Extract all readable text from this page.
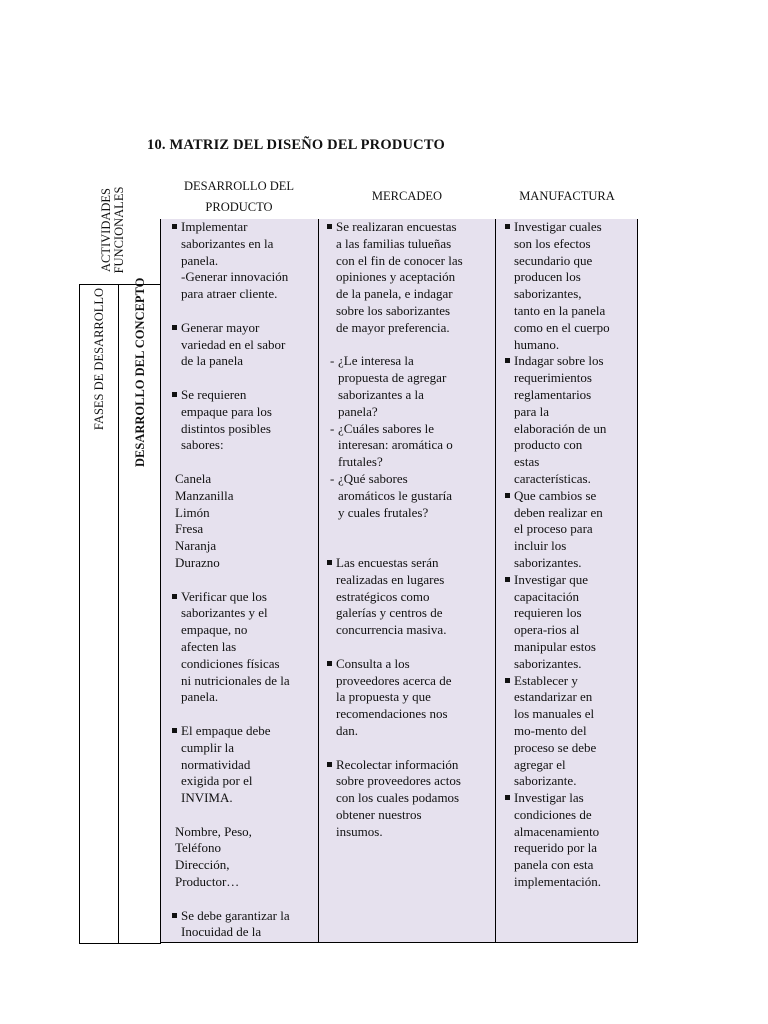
10. MATRIZ DEL DISEÑO DEL PRODUCTO
ACTIVIDADES FUNCIONALES
DESARROLLO DEL
PRODUCTO
MERCADEO	MANUFACTURA
FASES DE DESARROLLO DESARROLLO DEL CONCEPTO
Implementar
saborizantes en la
panela.
-Generar innovación
para atraer cliente.
Generar mayor
variedad en el sabor
de la panela
Se requieren
empaque para los
distintos posibles
sabores:
Canela
Manzanilla
Limón
Fresa
Naranja
Durazno
Verificar que los
saborizantes y el
empaque, no
afecten las
condiciones físicas
ni nutricionales de la
panela.
El empaque debe
cumplir la
normatividad
exigida por el
INVIMA.
Nombre, Peso,
Teléfono
Dirección,
Productor…
Se debe garantizar la
Inocuidad de la
Se realizaran encuestas
a las familias tulueñas
con el fin de conocer las
opiniones y aceptación
de la panela, e indagar
sobre los saborizantes
de mayor preferencia.
- ¿Le interesa la
propuesta de agregar
saborizantes a la
panela?
- ¿Cuáles sabores le
interesan: aromática o
frutales?
- ¿Qué sabores
aromáticos le gustaría
y cuales frutales?
Las encuestas serán
realizadas en lugares
estratégicos como
galerías y centros de
concurrencia masiva.
Consulta a los
proveedores acerca de
la propuesta y que
recomendaciones nos
dan.
Recolectar información
sobre proveedores actos
con los cuales podamos
obtener nuestros
insumos.
Investigar cuales
son los efectos
secundario que
producen los
saborizantes,
tanto en la panela
como en el cuerpo
humano.
Indagar sobre los
requerimientos
reglamentarios
para la
elaboración de un
producto con
estas
características.
Que cambios se
deben realizar en
el proceso para
incluir los
saborizantes.
Investigar que
capacitación
requieren los
opera-rios al
manipular estos
saborizantes.
Establecer y
estandarizar en
los manuales el
mo-mento del
proceso se debe
agregar el
saborizante.
Investigar las
condiciones de
almacenamiento
requerido por la
panela con esta
implementación.
